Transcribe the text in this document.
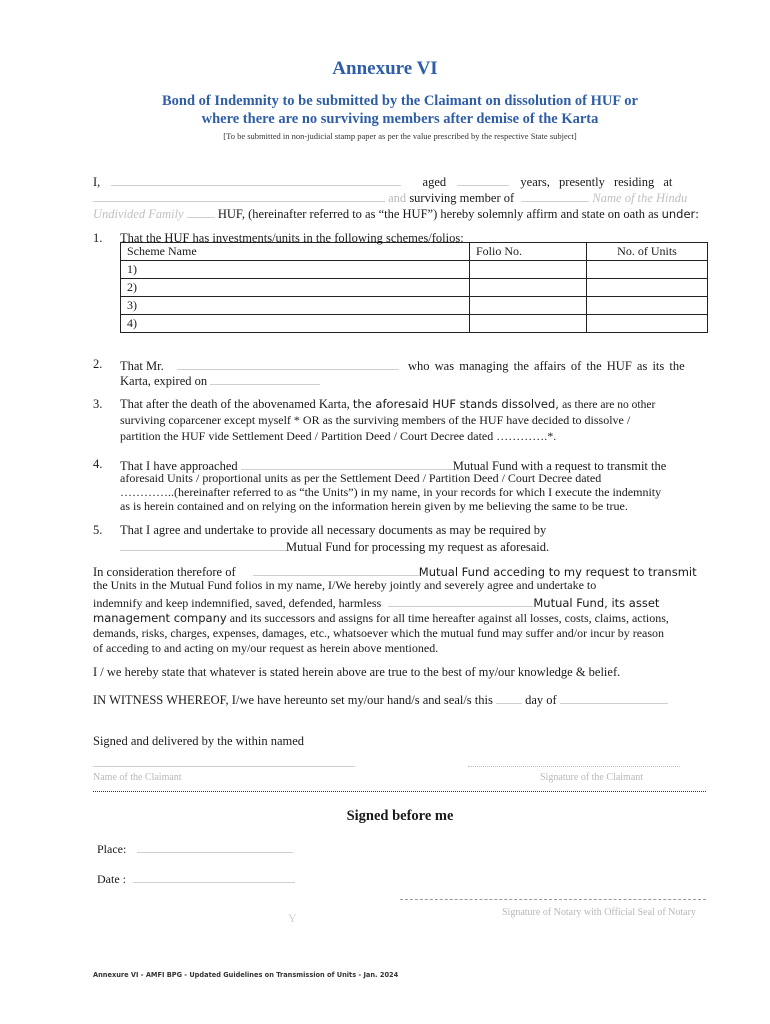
Annexure VI
Bond of Indemnity to be submitted by the Claimant on dissolution of HUF or
where there are no surviving members after demise of the Karta
[To be submitted in non-judicial stamp paper as per the value prescribed by the respective State subject]
I,	aged	years, presently residing at
and surviving member of	Name of the Hindu
Undivided Family	HUF, (hereinafter referred to as “the HUF”) hereby solemnly affirm and state on oath as under:
1. That the HUF has investments/units in the following schemes/folios:
Scheme Name	Folio No.	No. of Units
1)		
2)		
3)		
4)		
2. That Mr.	who was managing the affairs of the HUF as its the
Karta, expired on
3. That after the death of the abovenamed Karta, the aforesaid HUF stands dissolved, as there are no other
surviving coparcener except myself * OR as the surviving members of the HUF have decided to dissolve /
partition the HUF vide Settlement Deed / Partition Deed / Court Decree dated ………….*.
4. That I have approached	Mutual Fund with a request to transmit the
aforesaid Units / proportional units as per the Settlement Deed / Partition Deed / Court Decree dated
…………..(hereinafter referred to as “the Units”) in my name, in your records for which I execute the indemnity
as is herein contained and on relying on the information herein given by me believing the same to be true.
5. That I agree and undertake to provide all necessary documents as may be required by
Mutual Fund for processing my request as aforesaid.
In consideration therefore of	Mutual Fund acceding to my request to transmit
the Units in the Mutual Fund folios in my name, I/We hereby jointly and severely agree and undertake to
indemnify and keep indemnified, saved, defended, harmless	Mutual Fund, its asset
management company and its successors and assigns for all time hereafter against all losses, costs, claims, actions,
demands, risks, charges, expenses, damages, etc., whatsoever which the mutual fund may suffer and/or incur by reason
of acceding to and acting on my/our request as herein above mentioned.
I / we hereby state that whatever is stated herein above are true to the best of my/our knowledge & belief.
IN WITNESS WHEREOF, I/we have hereunto set my/our hand/s and seal/s this	day of
Signed and delivered by the within named
Name of the Claimant	Signature of the Claimant
Signed before me
Place:
Date :
Signature of Notary with Official Seal of Notary
Y
Annexure VI - AMFI BPG - Updated Guidelines on Transmission of Units - Jan. 2024
